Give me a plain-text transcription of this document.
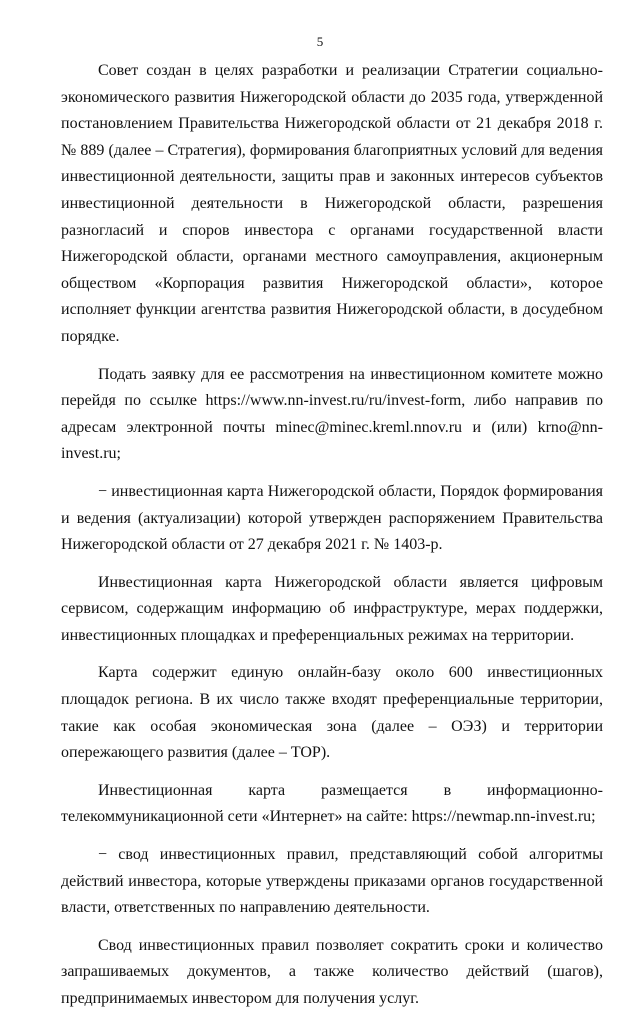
5

Совет создан в целях разработки и реализации Стратегии социально-экономического развития Нижегородской области до 2035 года, утвержденной постановлением Правительства Нижегородской области от 21 декабря 2018 г. № 889 (далее – Стратегия), формирования благоприятных условий для ведения инвестиционной деятельности, защиты прав и законных интересов субъектов инвестиционной деятельности в Нижегородской области, разрешения разногласий и споров инвестора с органами государственной власти Нижегородской области, органами местного самоуправления, акционерным обществом «Корпорация развития Нижегородской области», которое исполняет функции агентства развития Нижегородской области, в досудебном порядке.

Подать заявку для ее рассмотрения на инвестиционном комитете можно перейдя по ссылке https://www.nn-invest.ru/ru/invest-form, либо направив по адресам электронной почты minec@minec.kreml.nnov.ru и (или) krno@nn-invest.ru;

− инвестиционная карта Нижегородской области, Порядок формирования и ведения (актуализации) которой утвержден распоряжением Правительства Нижегородской области от 27 декабря 2021 г. № 1403-р.

Инвестиционная карта Нижегородской области является цифровым сервисом, содержащим информацию об инфраструктуре, мерах поддержки, инвестиционных площадках и преференциальных режимах на территории.

Карта содержит единую онлайн-базу около 600 инвестиционных площадок региона. В их число также входят преференциальные территории, такие как особая экономическая зона (далее – ОЭЗ) и территории опережающего развития (далее – ТОР).

Инвестиционная карта размещается в информационно-телекоммуникационной сети «Интернет» на сайте: https://newmap.nn-invest.ru;

− свод инвестиционных правил, представляющий собой алгоритмы действий инвестора, которые утверждены приказами органов государственной власти, ответственных по направлению деятельности.

Свод инвестиционных правил позволяет сократить сроки и количество запрашиваемых документов, а также количество действий (шагов), предпринимаемых инвестором для получения услуг.
